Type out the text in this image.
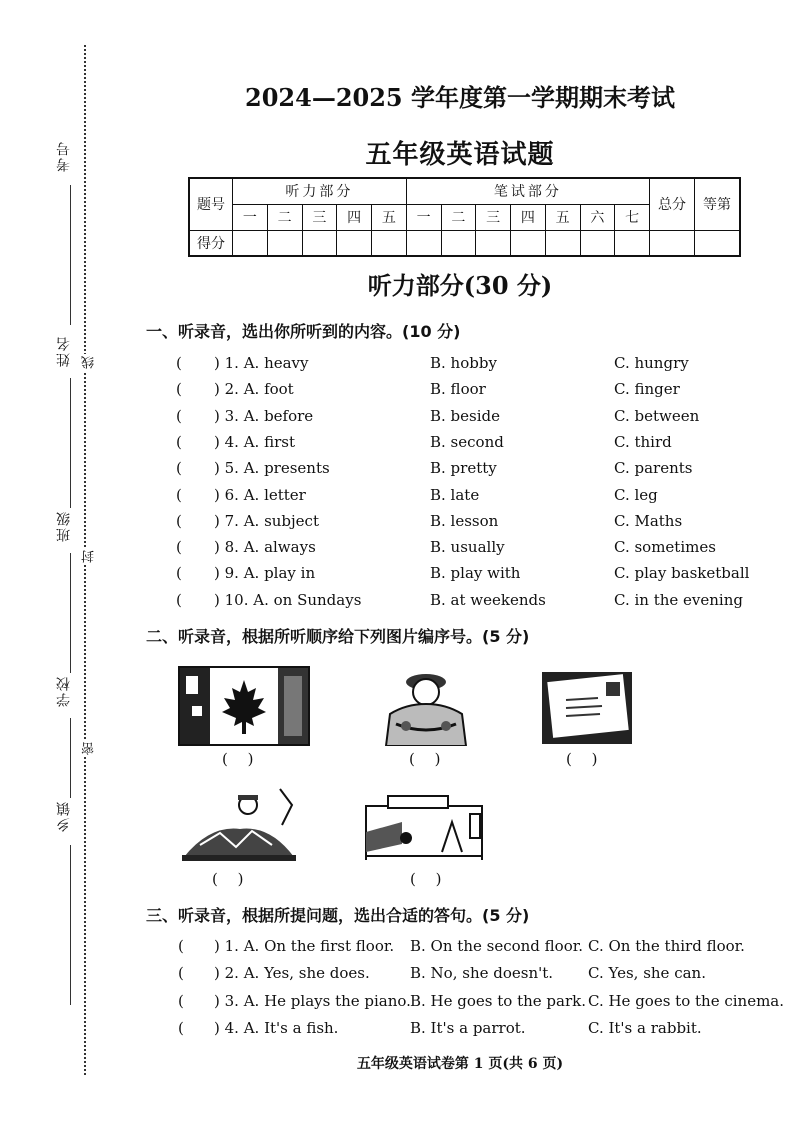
考号
姓名
班级
学校
乡镇
线
封
密
2024—2025 学年度第一学期期末考试
五年级英语试题
题号	听力部分					笔试部分							总分	等第
	一	二	三	四	五	一	二	三	四	五	六	七		
得分														
听力部分(30 分)
一、听录音，选出你所听到的内容。(10 分)
( ) 1. A. heavy	B. hobby	C. hungry
( ) 2. A. foot	B. floor	C. finger
( ) 3. A. before	B. beside	C. between
( ) 4. A. first	B. second	C. third
( ) 5. A. presents	B. pretty	C. parents
( ) 6. A. letter	B. late	C. leg
( ) 7. A. subject	B. lesson	C. Maths
( ) 8. A. always	B. usually	C. sometimes
( ) 9. A. play in	B. play with	C. play basketball
( ) 10. A. on Sundays	B. at weekends	C. in the evening
二、听录音，根据所听顺序给下列图片编序号。(5 分)
(　 )	(　 )	(　 )
(　 )	(　 )
三、听录音，根据所提问题，选出合适的答句。(5 分)
( ) 1. A. On the first floor. B. On the second floor. C. On the third floor.
( ) 2. A. Yes, she does.	B. No, she doesn't. C. Yes, she can.
( ) 3. A. He plays the piano. B. He goes to the park. C. He goes to the cinema.
( ) 4. A. It's a fish.	B. It's a parrot.	C. It's a rabbit.
五年级英语试卷第 1 页(共 6 页)
